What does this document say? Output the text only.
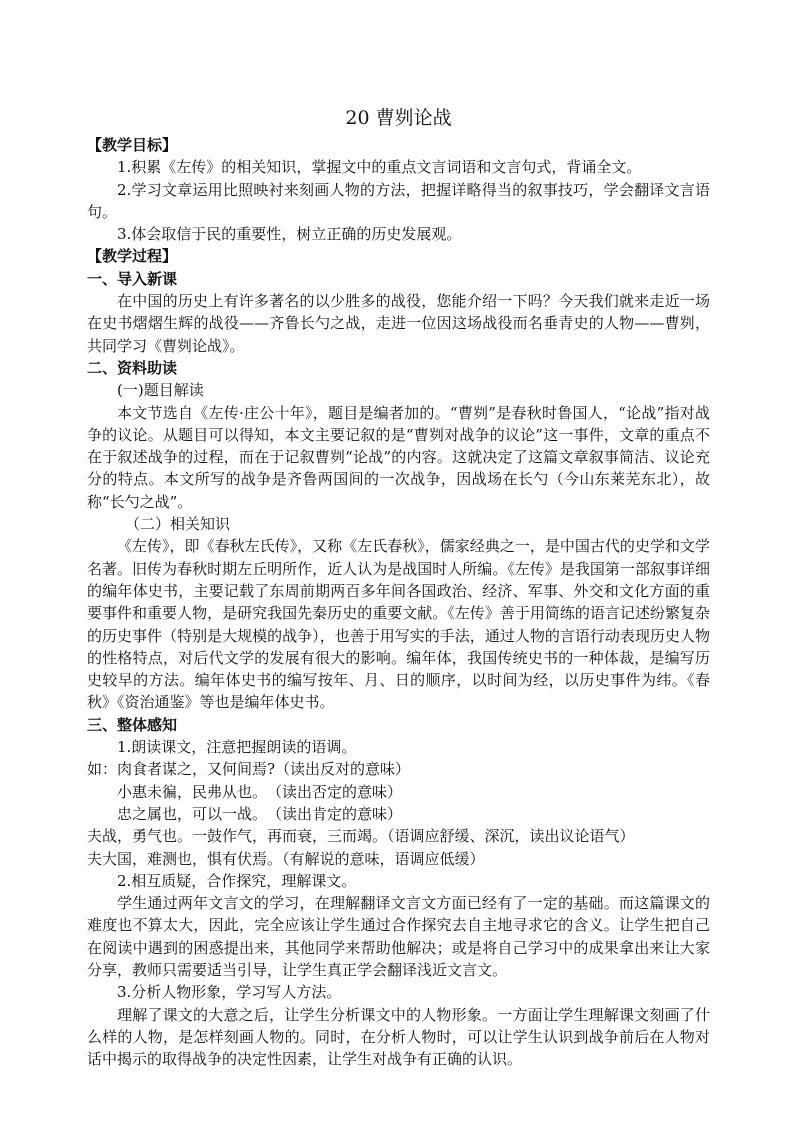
20 曹刿论战

【教学目标】

1.积累《左传》的相关知识，掌握文中的重点文言词语和文言句式，背诵全文。

2.学习文章运用比照映衬来刻画人物的方法，把握详略得当的叙事技巧，学会翻译文言语句。

3.体会取信于民的重要性，树立正确的历史发展观。

【教学过程】

一、导入新课

在中国的历史上有许多著名的以少胜多的战役，您能介绍一下吗？今天我们就来走近一场在史书熠熠生辉的战役——齐鲁长勺之战，走进一位因这场战役而名垂青史的人物——曹刿，共同学习《曹刿论战》。

二、资料助读

(一)题目解读

本文节选自《左传·庄公十年》，题目是编者加的。“曹刿”是春秋时鲁国人，“论战”指对战争的议论。从题目可以得知，本文主要记叙的是“曹刿对战争的议论”这一事件，文章的重点不在于叙述战争的过程，而在于记叙曹刿“论战”的内容。这就决定了这篇文章叙事简洁、议论充分的特点。本文所写的战争是齐鲁两国间的一次战争，因战场在长勺（今山东莱芜东北），故称“长勺之战”。

（二）相关知识

《左传》，即《春秋左氏传》，又称《左氏春秋》，儒家经典之一，是中国古代的史学和文学名著。旧传为春秋时期左丘明所作，近人认为是战国时人所编。《左传》是我国第一部叙事详细的编年体史书，主要记载了东周前期两百多年间各国政治、经济、军事、外交和文化方面的重要事件和重要人物，是研究我国先秦历史的重要文献。《左传》善于用简练的语言记述纷繁复杂的历史事件（特别是大规模的战争），也善于用写实的手法，通过人物的言语行动表现历史人物的性格特点，对后代文学的发展有很大的影响。编年体，我国传统史书的一种体裁，是编写历史较早的方法。编年体史书的编写按年、月、日的顺序，以时间为经，以历史事件为纬。《春秋》《资治通鉴》等也是编年体史书。

三、整体感知

1.朗读课文，注意把握朗读的语调。

如：肉食者谋之，又何间焉?（读出反对的意味）

小惠未徧，民弗从也。　（读出否定的意味）

忠之属也，可以一战。　（读出肯定的意味）

夫战，勇气也。一鼓作气，再而衰，三而竭。（语调应舒缓、深沉，读出议论语气）

夫大国，难测也，惧有伏焉。（有解说的意味，语调应低缓）

2.相互质疑，合作探究，理解课文。

学生通过两年文言文的学习，在理解翻译文言文方面已经有了一定的基础。而这篇课文的难度也不算太大，因此，完全应该让学生通过合作探究去自主地寻求它的含义。让学生把自己在阅读中遇到的困惑提出来，其他同学来帮助他解决；或是将自己学习中的成果拿出来让大家分享，教师只需要适当引导，让学生真正学会翻译浅近文言文。

3.分析人物形象，学习写人方法。

理解了课文的大意之后，让学生分析课文中的人物形象。一方面让学生理解课文刻画了什么样的人物，是怎样刻画人物的。同时，在分析人物时，可以让学生认识到战争前后在人物对话中揭示的取得战争的决定性因素，让学生对战争有正确的认识。
